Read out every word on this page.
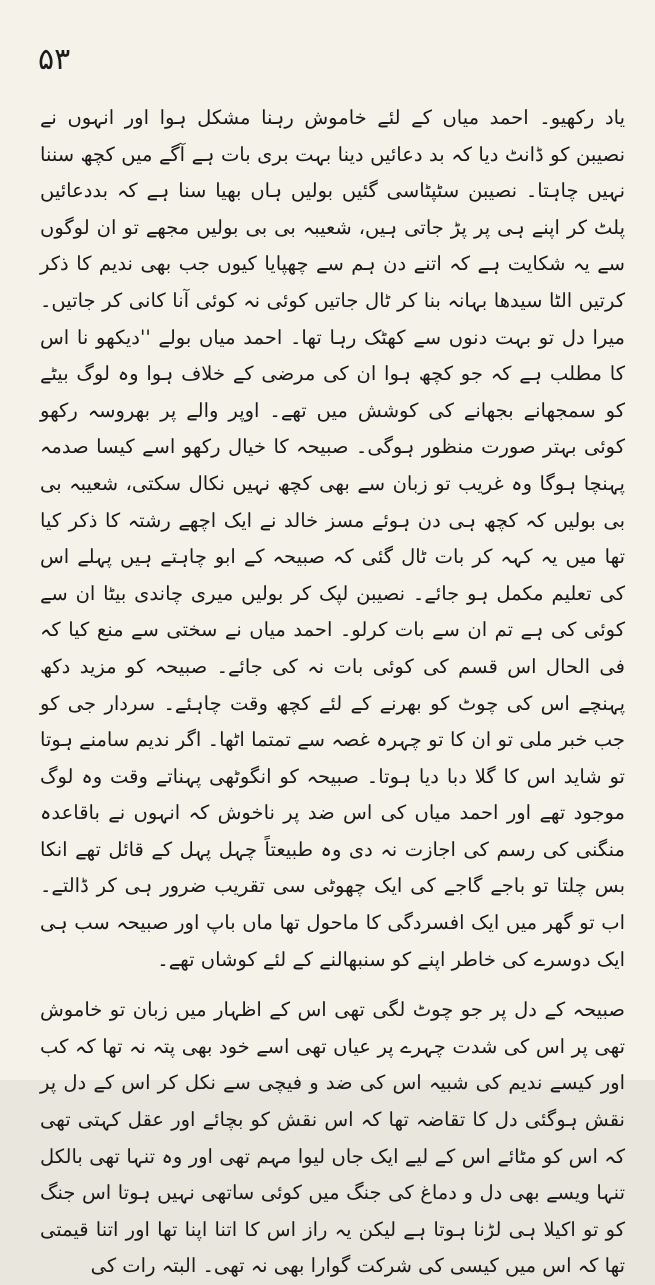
۵۳

یاد رکھیو۔ احمد میاں کے لئے خاموش رہنا مشکل ہوا اور انہوں نے نصیبن کو ڈانٹ دیا کہ بد دعائیں دینا بہت بری بات ہے آگے میں کچھ سننا نہیں چاہتا۔ نصیبن سٹپٹاسی گئیں بولیں ہاں بھیا سنا ہے کہ بددعائیں پلٹ کر اپنے ہی پر پڑ جاتی ہیں، شعیبہ بی بی بولیں مجھے تو ان لوگوں سے یہ شکایت ہے کہ اتنے دن ہم سے چھپایا کیوں جب بھی ندیم کا ذکر کرتیں الٹا سیدھا بہانہ بنا کر ٹال جاتیں کوئی نہ کوئی آنا کانی کر جاتیں۔ میرا دل تو بہت دنوں سے کھٹک رہا تھا۔ احمد میاں بولے ''دیکھو نا اس کا مطلب ہے کہ جو کچھ ہوا ان کی مرضی کے خلاف ہوا وہ لوگ بیٹے کو سمجھانے بجھانے کی کوشش میں تھے۔ اوپر والے پر بھروسہ رکھو کوئی بہتر صورت منظور ہوگی۔ صبیحہ کا خیال رکھو اسے کیسا صدمہ پہنچا ہوگا وہ غریب تو زبان سے بھی کچھ نہیں نکال سکتی، شعیبہ بی بی بولیں کہ کچھ ہی دن ہوئے مسز خالد نے ایک اچھے رشتہ کا ذکر کیا تھا میں یہ کہہ کر بات ٹال گئی کہ صبیحہ کے ابو چاہتے ہیں پہلے اس کی تعلیم مکمل ہو جائے۔ نصیبن لپک کر بولیں میری چاندی بیٹا ان سے کوئی کی ہے تم ان سے بات کرلو۔ احمد میاں نے سختی سے منع کیا کہ فی الحال اس قسم کی کوئی بات نہ کی جائے۔ صبیحہ کو مزید دکھ پہنچے اس کی چوٹ کو بھرنے کے لئے کچھ وقت چاہئے۔ سردار جی کو جب خبر ملی تو ان کا تو چہرہ غصہ سے تمتما اٹھا۔ اگر ندیم سامنے ہوتا تو شاید اس کا گلا دبا دیا ہوتا۔ صبیحہ کو انگوٹھی پہناتے وقت وہ لوگ موجود تھے اور احمد میاں کی اس ضد پر ناخوش کہ انہوں نے باقاعدہ منگنی کی رسم کی اجازت نہ دی وہ طبیعتاً چہل پہل کے قائل تھے انکا بس چلتا تو باجے گاجے کی ایک چھوٹی سی تقریب ضرور ہی کر ڈالتے۔ اب تو گھر میں ایک افسردگی کا ماحول تھا ماں باپ اور صبیحہ سب ہی ایک دوسرے کی خاطر اپنے کو سنبھالنے کے لئے کوشاں تھے۔

صبیحہ کے دل پر جو چوٹ لگی تھی اس کے اظہار میں زبان تو خاموش تھی پر اس کی شدت چہرے پر عیاں تھی اسے خود بھی پتہ نہ تھا کہ کب اور کیسے ندیم کی شبیہ اس کی ضد و فیچی سے نکل کر اس کے دل پر نقش ہوگئی دل کا تقاضہ تھا کہ اس نقش کو بچائے اور عقل کہتی تھی کہ اس کو مٹائے اس کے لیے ایک جاں لیوا مہم تھی اور وہ تنہا تھی بالکل تنہا ویسے بھی دل و دماغ کی جنگ میں کوئی ساتھی نہیں ہوتا اس جنگ کو تو اکیلا ہی لڑنا ہوتا ہے لیکن یہ راز اس کا اتنا اپنا تھا اور اتنا قیمتی تھا کہ اس میں کیسی کی شرکت گوارا بھی نہ تھی۔ البتہ رات کی
